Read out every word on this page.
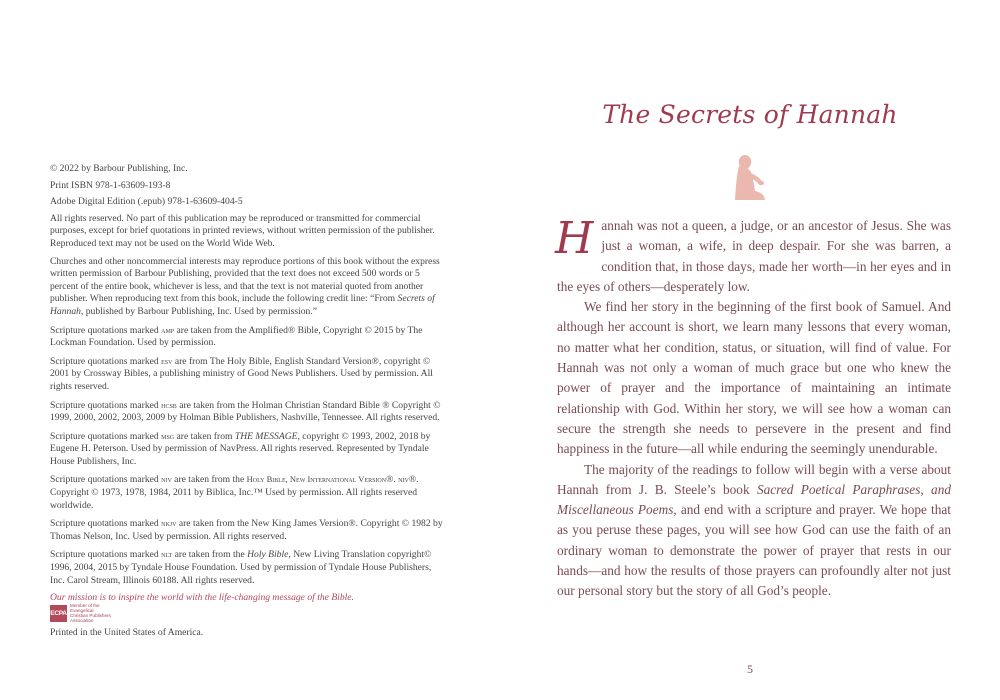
© 2022 by Barbour Publishing, Inc.

Print ISBN 978-1-63609-193-8

Adobe Digital Edition (.epub) 978-1-63609-404-5

All rights reserved. No part of this publication may be reproduced or transmitted for commercial purposes, except for brief quotations in printed reviews, without written permission of the publisher. Reproduced text may not be used on the World Wide Web.

Churches and other noncommercial interests may reproduce portions of this book without the express written permission of Barbour Publishing, provided that the text does not exceed 500 words or 5 percent of the entire book, whichever is less, and that the text is not material quoted from another publisher. When reproducing text from this book, include the following credit line: “From Secrets of Hannah, published by Barbour Publishing, Inc. Used by permission.”

Scripture quotations marked amp are taken from the Amplified® Bible, Copyright © 2015 by The Lockman Foundation. Used by permission.

Scripture quotations marked esv are from The Holy Bible, English Standard Version®, copyright © 2001 by Crossway Bibles, a publishing ministry of Good News Publishers. Used by permission. All rights reserved.

Scripture quotations marked hcsb are taken from the Holman Christian Standard Bible ® Copyright © 1999, 2000, 2002, 2003, 2009 by Holman Bible Publishers, Nashville, Tennessee. All rights reserved.

Scripture quotations marked msg are taken from THE MESSAGE, copyright © 1993, 2002, 2018 by Eugene H. Peterson. Used by permission of NavPress. All rights reserved. Represented by Tyndale House Publishers, Inc.

Scripture quotations marked niv are taken from the Holy Bible, New International Version®. niv®. Copyright © 1973, 1978, 1984, 2011 by Biblica, Inc.™ Used by permission. All rights reserved worldwide.

Scripture quotations marked nkjv are taken from the New King James Version®. Copyright © 1982 by Thomas Nelson, Inc. Used by permission. All rights reserved.

Scripture quotations marked nlt are taken from the Holy Bible, New Living Translation copyright© 1996, 2004, 2015 by Tyndale House Foundation. Used by permission of Tyndale House Publishers, Inc. Carol Stream, Illinois 60188. All rights reserved.

Our mission is to inspire the world with the life-changing message of the Bible.

ECPA
Member of the Evangelical Christian Publishers Association
Printed in the United States of America.
The Secrets of Hannah

Hannah was not a queen, a judge, or an ancestor of Jesus. She was just a woman, a wife, in deep despair. For she was barren, a condition that, in those days, made her worth—in her eyes and in the eyes of others—desperately low.

We find her story in the beginning of the first book of Samuel. And although her account is short, we learn many lessons that every woman, no matter what her condition, status, or situation, will find of value. For Hannah was not only a woman of much grace but one who knew the power of prayer and the importance of maintaining an intimate relationship with God. Within her story, we will see how a woman can secure the strength she needs to persevere in the present and find happiness in the future—all while enduring the seemingly unendurable.

The majority of the readings to follow will begin with a verse about Hannah from J. B. Steele’s book Sacred Poetical Paraphrases, and Miscellaneous Poems, and end with a scripture and prayer. We hope that as you peruse these pages, you will see how God can use the faith of an ordinary woman to demonstrate the power of prayer that rests in our hands—and how the results of those prayers can profoundly alter not just our personal story but the story of all God’s people.

5
